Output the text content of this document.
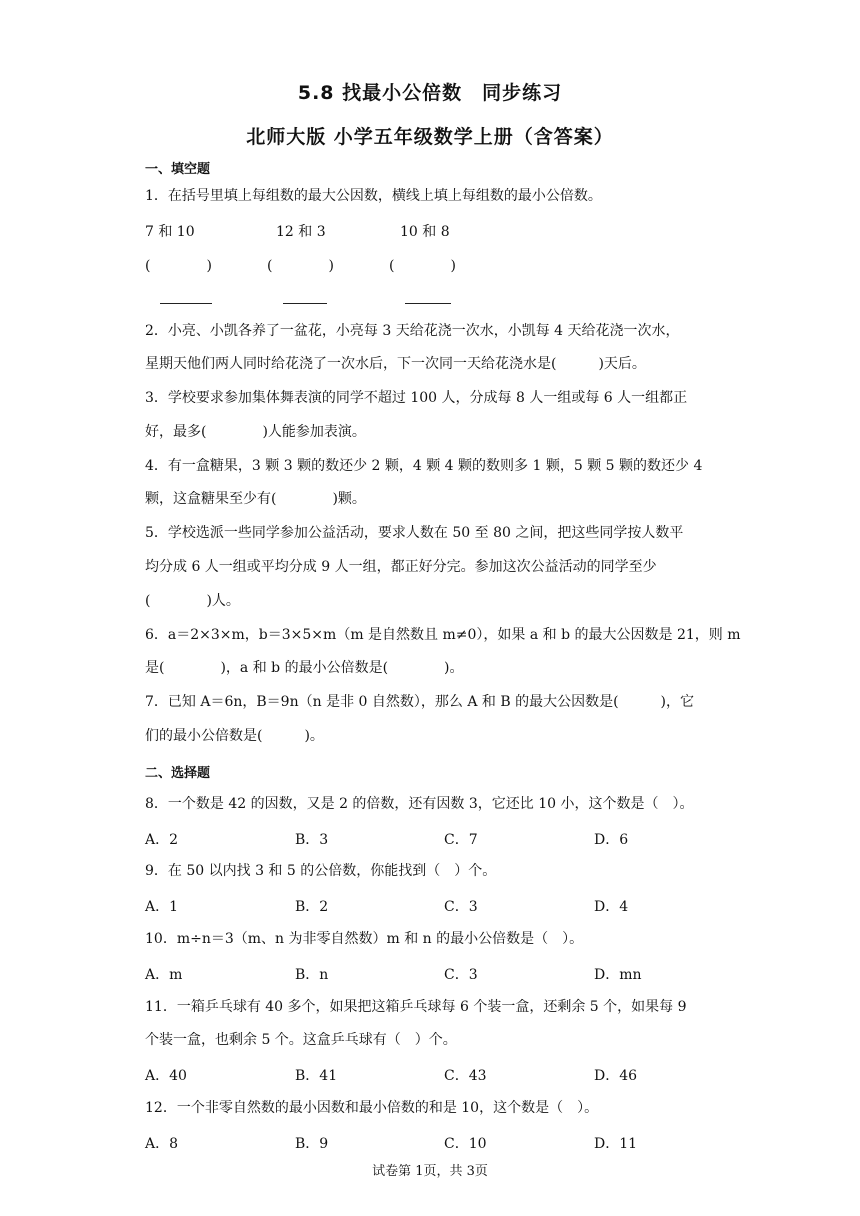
5.8 找最小公倍数　同步练习
北师大版 小学五年级数学上册（含答案）
一、填空题
1．在括号里填上每组数的最大公因数，横线上填上每组数的最小公倍数。
7 和 10	12 和 3	10 和 8
(　　　　)	(　　　　)	(　　　　)
2．小亮、小凯各养了一盆花，小亮每 3 天给花浇一次水，小凯每 4 天给花浇一次水，
星期天他们两人同时给花浇了一次水后，下一次同一天给花浇水是(　　　)天后。
3．学校要求参加集体舞表演的同学不超过 100 人，分成每 8 人一组或每 6 人一组都正
好，最多(　　　　)人能参加表演。
4．有一盒糖果，3 颗 3 颗的数还少 2 颗，4 颗 4 颗的数则多 1 颗，5 颗 5 颗的数还少 4
颗，这盒糖果至少有(　　　　)颗。
5．学校选派一些同学参加公益活动，要求人数在 50 至 80 之间，把这些同学按人数平
均分成 6 人一组或平均分成 9 人一组，都正好分完。参加这次公益活动的同学至少
(　　　　)人。
6．a＝2×3×m，b＝3×5×m（m 是自然数且 m≠0），如果 a 和 b 的最大公因数是 21，则 m
是(　　　　)，a 和 b 的最小公倍数是(　　　　)。
7．已知 A＝6n，B＝9n（n 是非 0 自然数），那么 A 和 B 的最大公因数是(　　　)，它
们的最小公倍数是(　　　)。
二、选择题
8．一个数是 42 的因数，又是 2 的倍数，还有因数 3，它还比 10 小，这个数是（　）。
A．2	B．3	C．7	D．6
9．在 50 以内找 3 和 5 的公倍数，你能找到（　）个。
A．1	B．2	C．3	D．4
10．m÷n＝3（m、n 为非零自然数）m 和 n 的最小公倍数是（　）。
A．m	B．n	C．3	D．mn
11．一箱乒乓球有 40 多个，如果把这箱乒乓球每 6 个装一盒，还剩余 5 个，如果每 9
个装一盒，也剩余 5 个。这盒乒乓球有（　）个。
A．40	B．41	C．43	D．46
12．一个非零自然数的最小因数和最小倍数的和是 10，这个数是（　）。
A．8	B．9	C．10	D．11
试卷第 1页，共 3页
